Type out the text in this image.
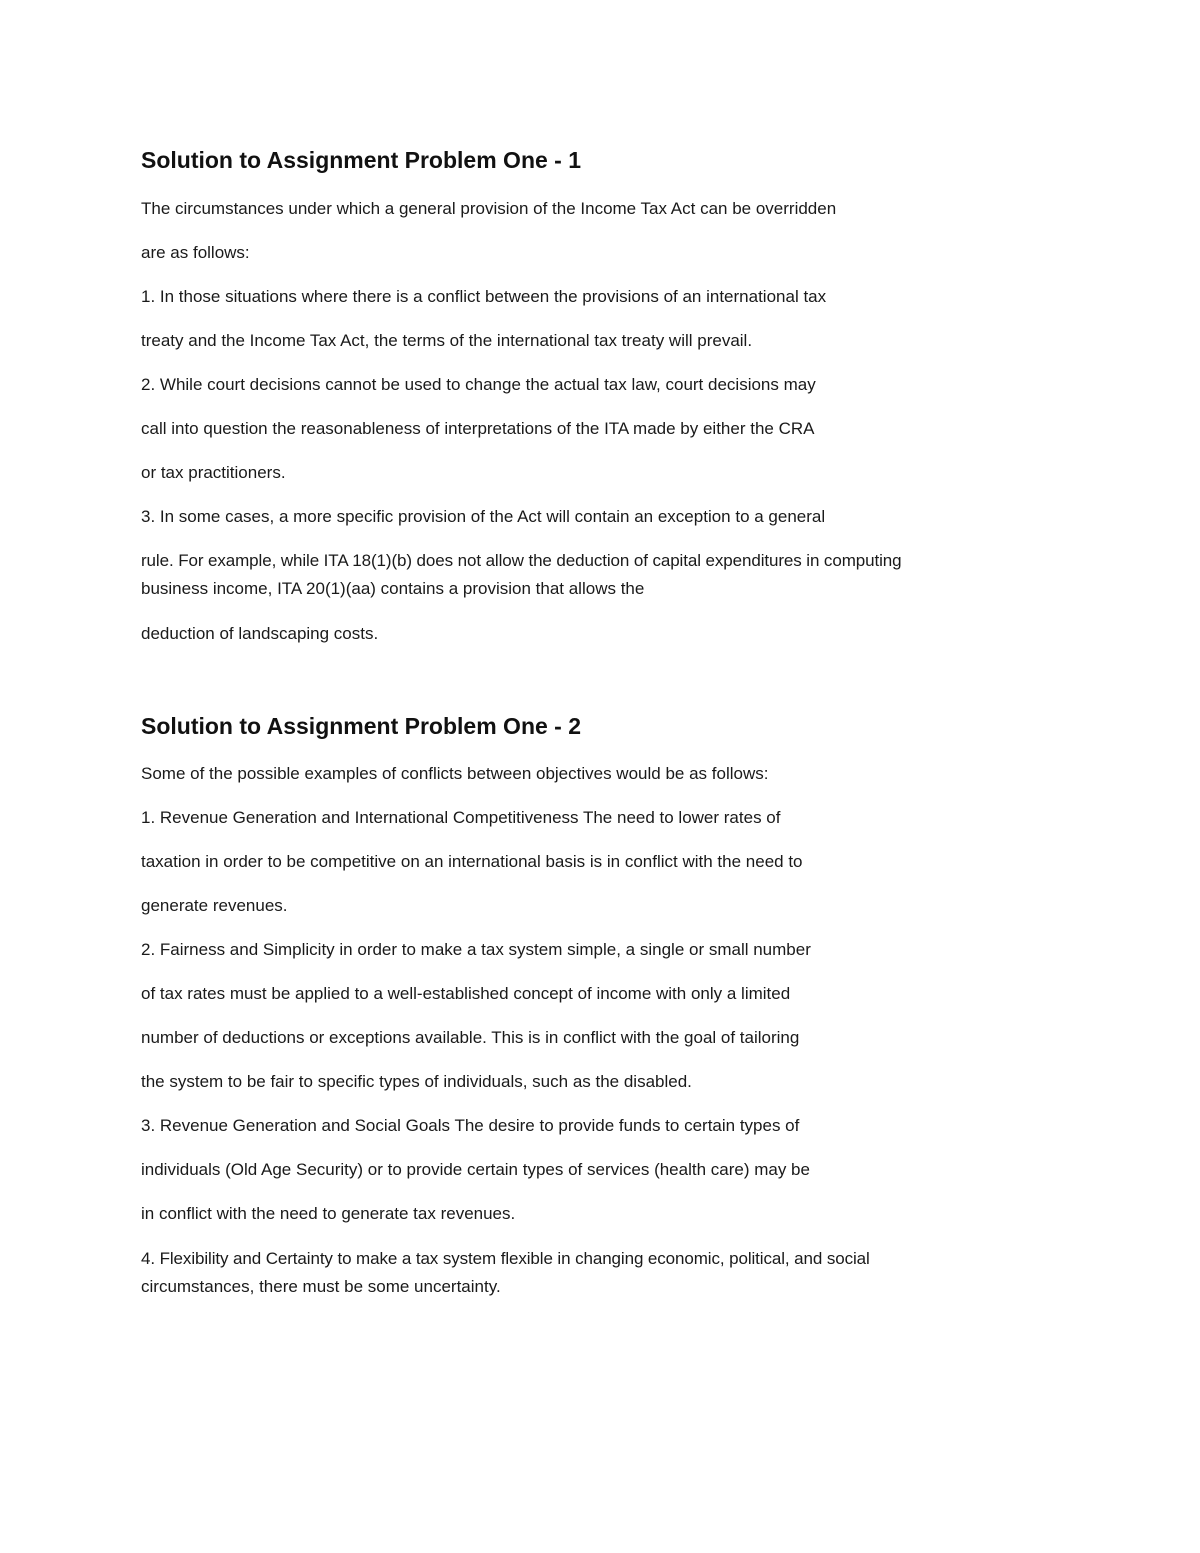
Solution to Assignment Problem One - 1

The circumstances under which a general provision of the Income Tax Act can be overridden

are as follows:

1. In those situations where there is a conflict between the provisions of an international tax

treaty and the Income Tax Act, the terms of the international tax treaty will prevail.

2. While court decisions cannot be used to change the actual tax law, court decisions may

call into question the reasonableness of interpretations of the ITA made by either the CRA

or tax practitioners.

3. In some cases, a more specific provision of the Act will contain an exception to a general

rule. For example, while ITA 18(1)(b) does not allow the deduction of capital expenditures in computing

business income, ITA 20(1)(aa) contains a provision that allows the

deduction of landscaping costs.

Solution to Assignment Problem One - 2

Some of the possible examples of conflicts between objectives would be as follows:

1. Revenue Generation and International Competitiveness The need to lower rates of

taxation in order to be competitive on an international basis is in conflict with the need to

generate revenues.

2. Fairness and Simplicity in order to make a tax system simple, a single or small number

of tax rates must be applied to a well-established concept of income with only a limited

number of deductions or exceptions available. This is in conflict with the goal of tailoring

the system to be fair to specific types of individuals, such as the disabled.

3. Revenue Generation and Social Goals The desire to provide funds to certain types of

individuals (Old Age Security) or to provide certain types of services (health care) may be

in conflict with the need to generate tax revenues.

4. Flexibility and Certainty to make a tax system flexible in changing economic, political, and social

circumstances, there must be some uncertainty.
